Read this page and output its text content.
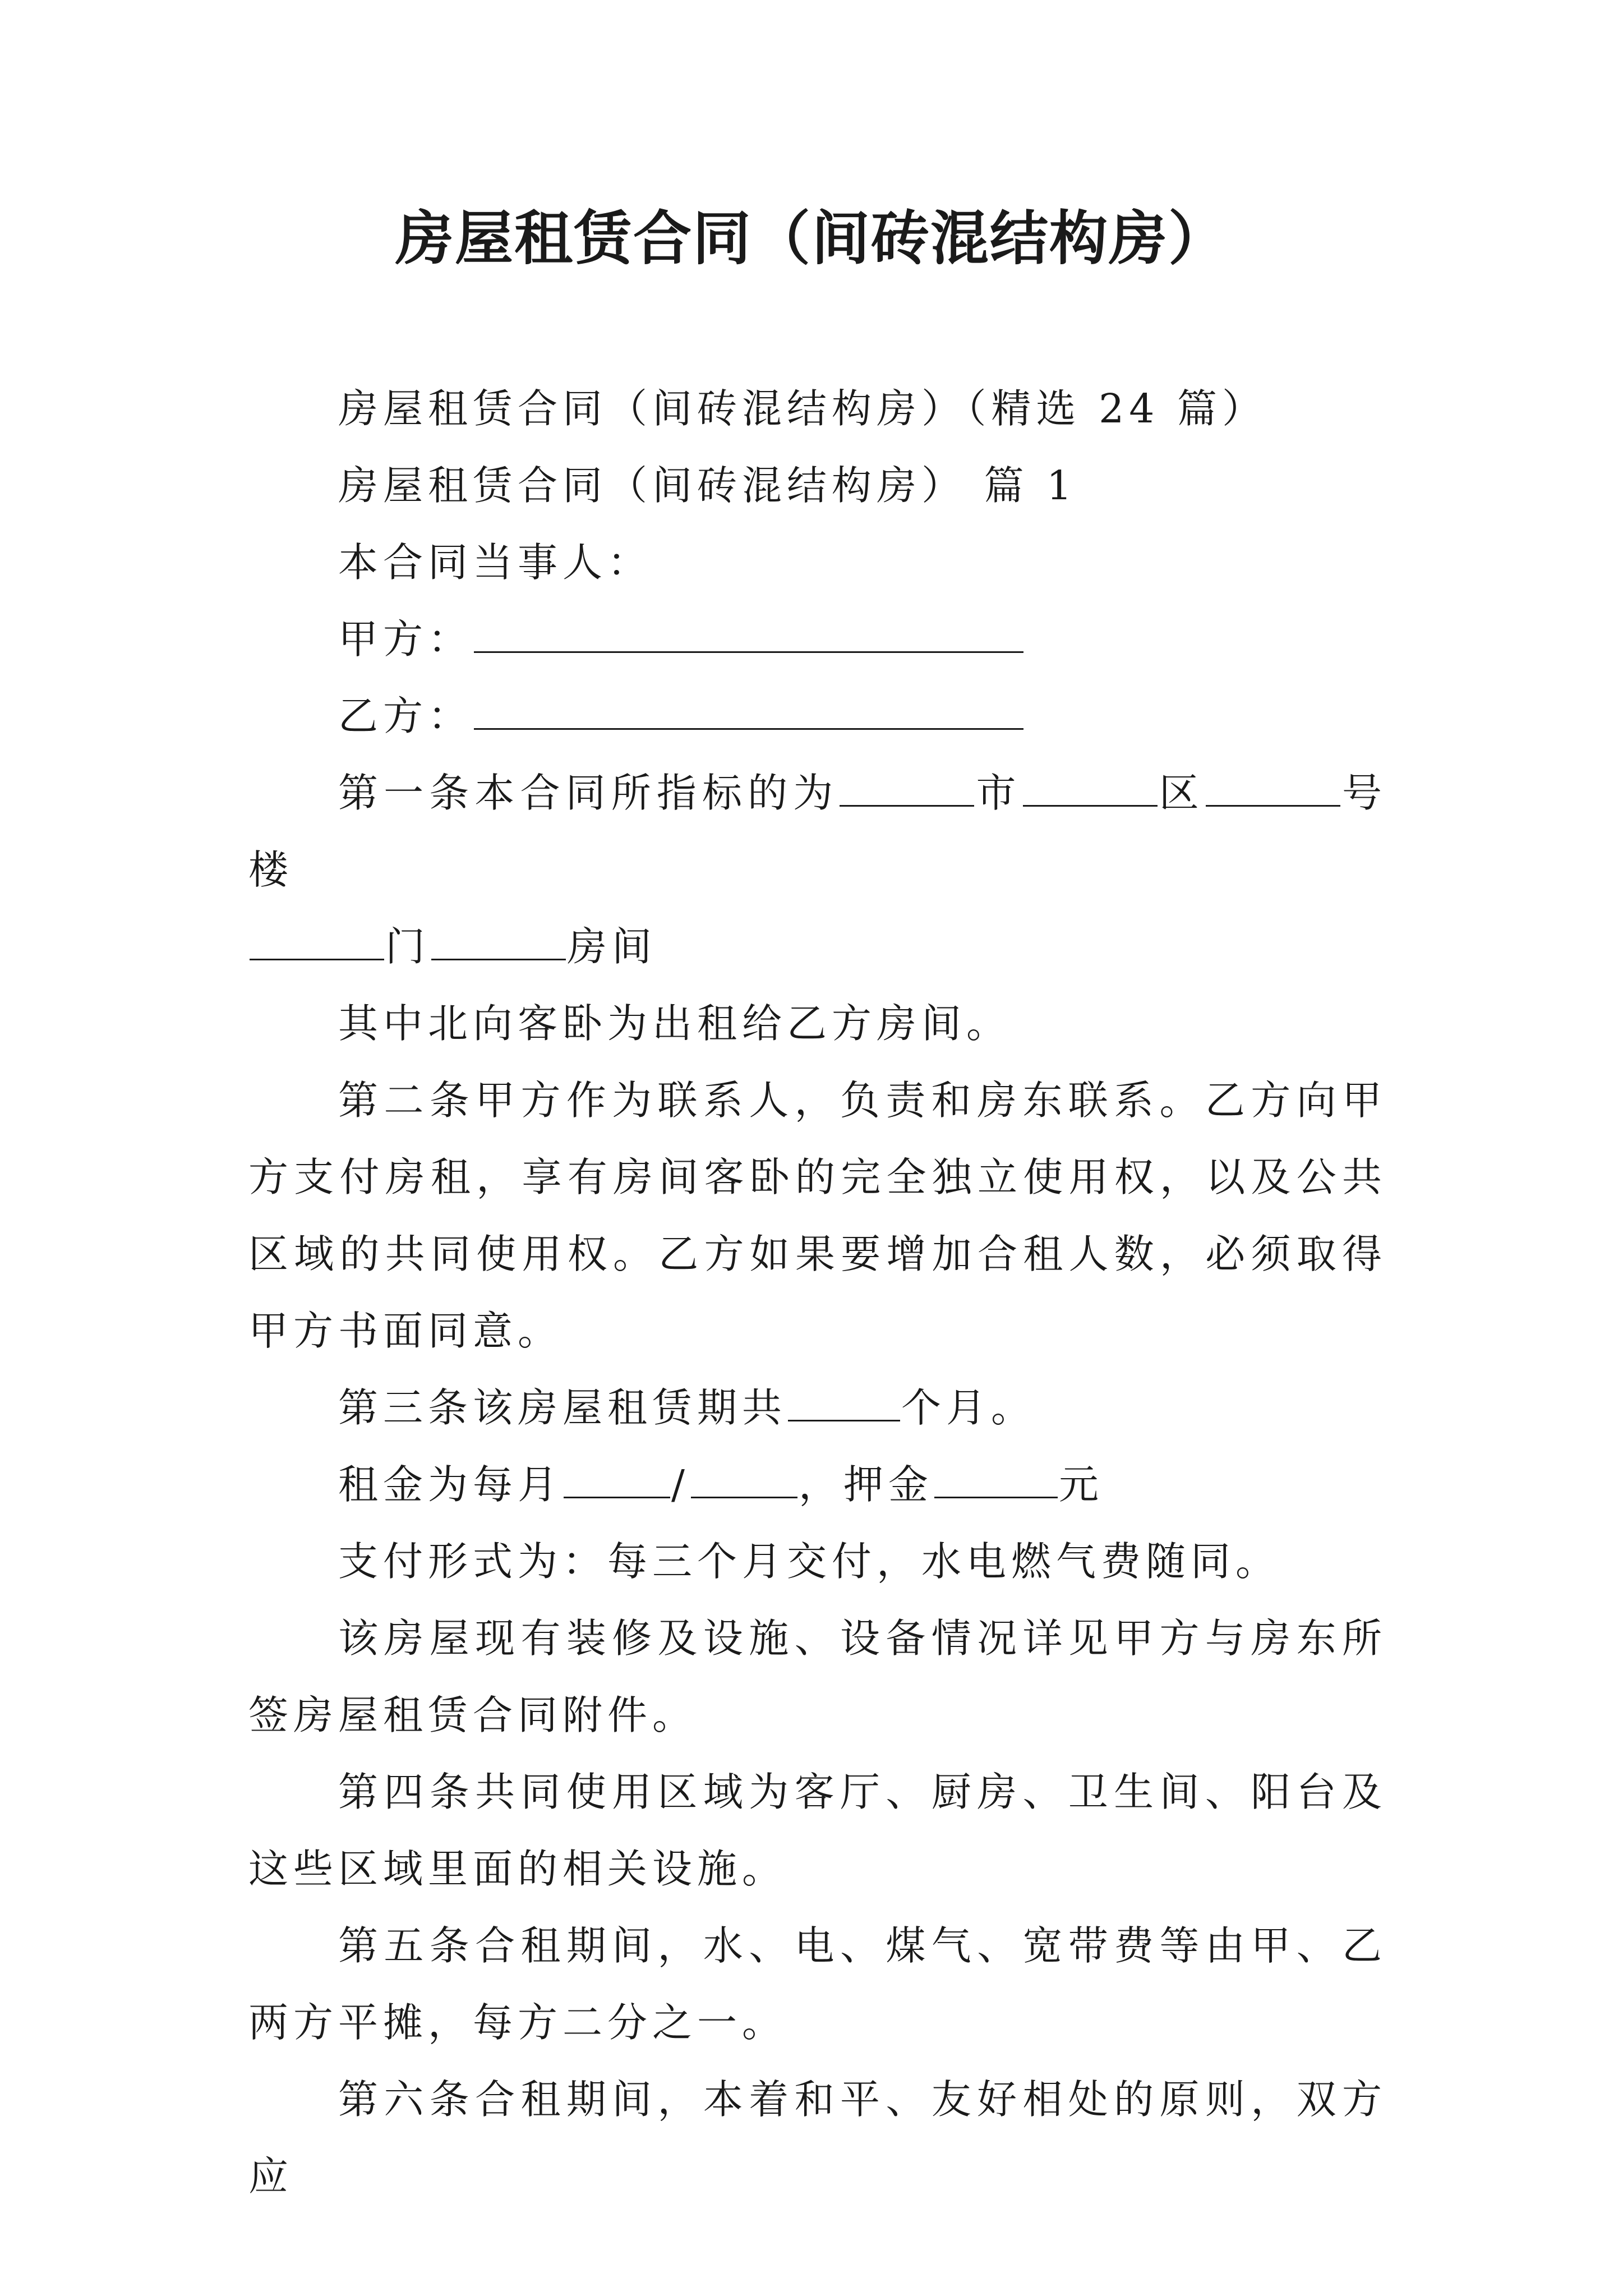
房屋租赁合同（间砖混结构房）

房屋租赁合同（间砖混结构房）（精选 24 篇）

房屋租赁合同（间砖混结构房） 篇 1

本合同当事人：

甲方：

乙方：

第一条本合同所指标的为	市	区	号楼

门	房间

其中北向客卧为出租给乙方房间。

第二条甲方作为联系人，负责和房东联系。乙方向甲方支付房租，享有房间客卧的完全独立使用权，以及公共区域的共同使用权。乙方如果要增加合租人数，必须取得甲方书面同意。

第三条该房屋租赁期共	个月。

租金为每月	/	，押金	元

支付形式为：每三个月交付，水电燃气费随同。

该房屋现有装修及设施、设备情况详见甲方与房东所签房屋租赁合同附件。

第四条共同使用区域为客厅、厨房、卫生间、阳台及这些区域里面的相关设施。

第五条合租期间，水、电、煤气、宽带费等由甲、乙两方平摊，每方二分之一。

第六条合租期间，本着和平、友好相处的原则，双方应
